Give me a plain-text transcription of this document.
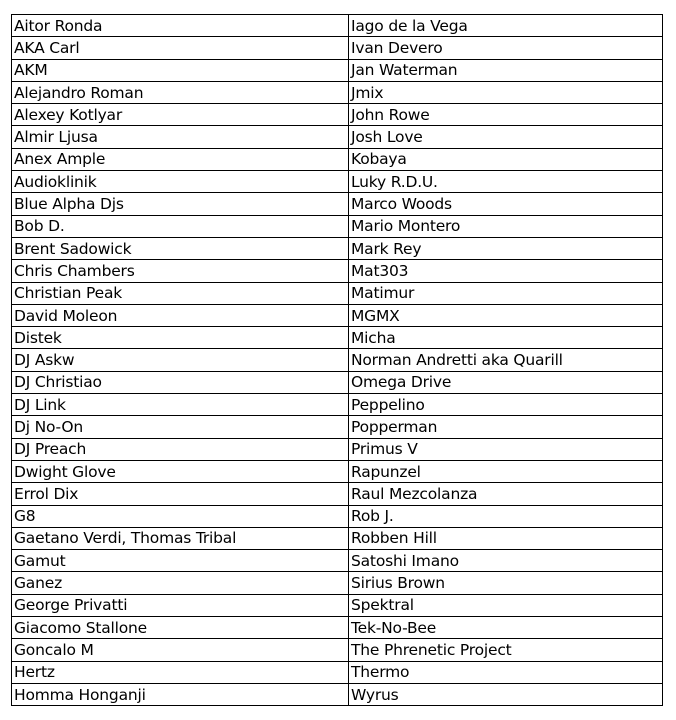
Aitor Ronda	Iago de la Vega
AKA Carl	Ivan Devero
AKM	Jan Waterman
Alejandro Roman	Jmix
Alexey Kotlyar	John Rowe
Almir Ljusa	Josh Love
Anex Ample	Kobaya
Audioklinik	Luky R.D.U.
Blue Alpha Djs	Marco Woods
Bob D.	Mario Montero
Brent Sadowick	Mark Rey
Chris Chambers	Mat303
Christian Peak	Matimur
David Moleon	MGMX
Distek	Micha
DJ Askw	Norman Andretti aka Quarill
DJ Christiao	Omega Drive
DJ Link	Peppelino
Dj No-On	Popperman
DJ Preach	Primus V
Dwight Glove	Rapunzel
Errol Dix	Raul Mezcolanza
G8	Rob J.
Gaetano Verdi, Thomas Tribal	Robben Hill
Gamut	Satoshi Imano
Ganez	Sirius Brown
George Privatti	Spektral
Giacomo Stallone	Tek-No-Bee
Goncalo M	The Phrenetic Project
Hertz	Thermo
Homma Honganji	Wyrus
